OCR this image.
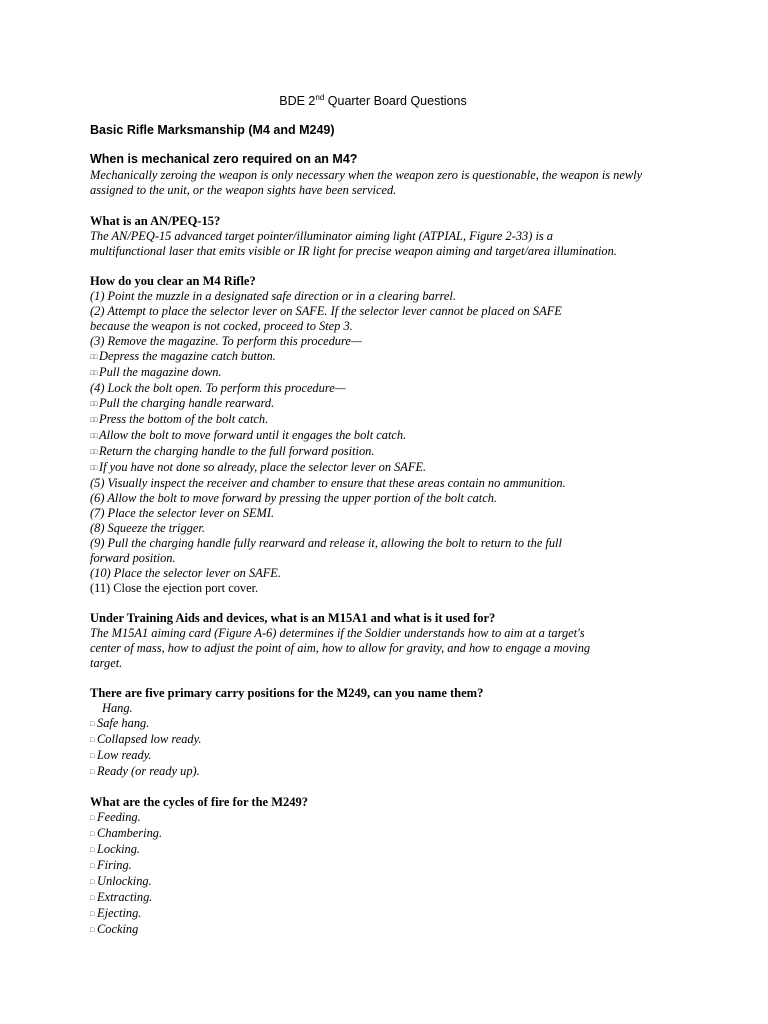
BDE 2nd Quarter Board Questions

Basic Rifle Marksmanship (M4 and M249)

When is mechanical zero required on an M4?

Mechanically zeroing the weapon is only necessary when the weapon zero is questionable, the weapon is newly

assigned to the unit, or the weapon sights have been serviced.

What is an AN/PEQ-15?

The AN/PEQ-15 advanced target pointer/illuminator aiming light (ATPIAL, Figure 2-33) is a

multifunctional laser that emits visible or IR light for precise weapon aiming and target/area illumination.

How do you clear an M4 Rifle?

(1) Point the muzzle in a designated safe direction or in a clearing barrel.

(2) Attempt to place the selector lever on SAFE. If the selector lever cannot be placed on SAFE

because the weapon is not cocked, proceed to Step 3.

(3) Remove the magazine. To perform this procedure—

□□ Depress the magazine catch button.

□□ Pull the magazine down.

(4) Lock the bolt open. To perform this procedure—

□□ Pull the charging handle rearward.

□□ Press the bottom of the bolt catch.

□□ Allow the bolt to move forward until it engages the bolt catch.

□□ Return the charging handle to the full forward position.

□□ If you have not done so already, place the selector lever on SAFE.

(5) Visually inspect the receiver and chamber to ensure that these areas contain no ammunition.

(6) Allow the bolt to move forward by pressing the upper portion of the bolt catch.

(7) Place the selector lever on SEMI.

(8) Squeeze the trigger.

(9) Pull the charging handle fully rearward and release it, allowing the bolt to return to the full

forward position.

(10) Place the selector lever on SAFE.

(11) Close the ejection port cover.

Under Training Aids and devices, what is an M15A1 and what is it used for?

The M15A1 aiming card (Figure A-6) determines if the Soldier understands how to aim at a target's

center of mass, how to adjust the point of aim, how to allow for gravity, and how to engage a moving

target.

There are five primary carry positions for the M249, can you name them?

Hang.

□ Safe hang.

□ Collapsed low ready.

□ Low ready.

□ Ready (or ready up).

What are the cycles of fire for the M249?

□ Feeding.

□ Chambering.

□ Locking.

□ Firing.

□ Unlocking.

□ Extracting.

□ Ejecting.

□ Cocking
